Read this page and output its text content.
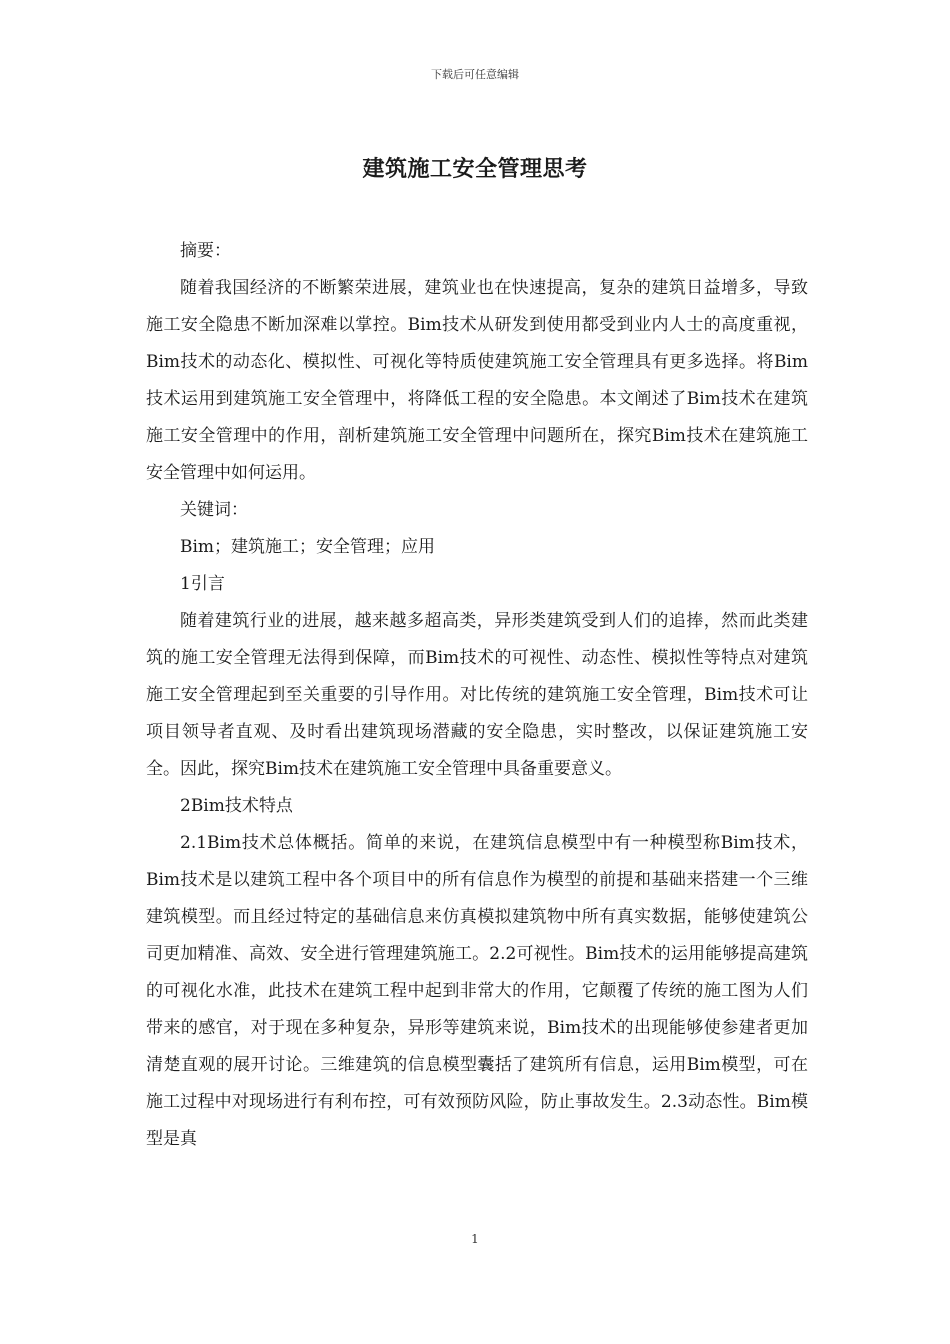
下载后可任意编辑
建筑施工安全管理思考

摘要：

随着我国经济的不断繁荣进展，建筑业也在快速提高，复杂的建筑日益增多，导致施工安全隐患不断加深难以掌控。Bim技术从研发到使用都受到业内人士的高度重视，Bim技术的动态化、模拟性、可视化等特质使建筑施工安全管理具有更多选择。将Bim技术运用到建筑施工安全管理中，将降低工程的安全隐患。本文阐述了Bim技术在建筑施工安全管理中的作用，剖析建筑施工安全管理中问题所在，探究Bim技术在建筑施工安全管理中如何运用。

关键词：

Bim；建筑施工；安全管理；应用

1引言

随着建筑行业的进展，越来越多超高类，异形类建筑受到人们的追捧，然而此类建筑的施工安全管理无法得到保障，而Bim技术的可视性、动态性、模拟性等特点对建筑施工安全管理起到至关重要的引导作用。对比传统的建筑施工安全管理，Bim技术可让项目领导者直观、及时看出建筑现场潜藏的安全隐患，实时整改，以保证建筑施工安全。因此，探究Bim技术在建筑施工安全管理中具备重要意义。

2Bim技术特点

2.1Bim技术总体概括。简单的来说，在建筑信息模型中有一种模型称Bim技术，Bim技术是以建筑工程中各个项目中的所有信息作为模型的前提和基础来搭建一个三维建筑模型。而且经过特定的基础信息来仿真模拟建筑物中所有真实数据，能够使建筑公司更加精准、高效、安全进行管理建筑施工。2.2可视性。Bim技术的运用能够提高建筑的可视化水准，此技术在建筑工程中起到非常大的作用，它颠覆了传统的施工图为人们带来的感官，对于现在多种复杂，异形等建筑来说，Bim技术的出现能够使参建者更加清楚直观的展开讨论。三维建筑的信息模型囊括了建筑所有信息，运用Bim模型，可在施工过程中对现场进行有利布控，可有效预防风险，防止事故发生。2.3动态性。Bim模型是真

1
